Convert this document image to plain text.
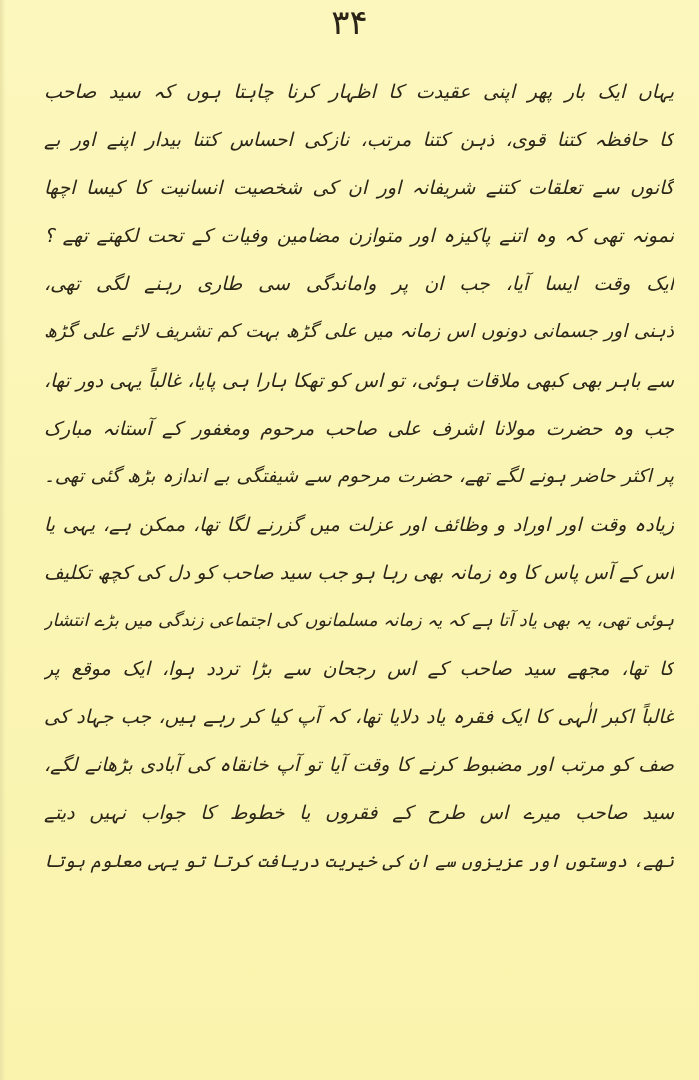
۳۴
یہاں ایک بار پھر اپنی عقیدت کا اظہار کرنا چاہتا ہوں کہ سید صاحب
کا حافظہ کتنا قوی، ذہن کتنا مرتب، نازکی احساس کتنا بیدار اپنے اور بے
گانوں سے تعلقات کتنے شریفانہ اور ان کی شخصیت انسانیت کا کیسا اچھا
نمونہ تھی کہ وہ اتنے پاکیزہ اور متوازن مضامین وفیات کے تحت لکھتے تھے ؟
ایک وقت ایسا آیا، جب ان پر واماندگی سی طاری رہنے لگی تھی،
ذہنی اور جسمانی دونوں اس زمانہ میں علی گڑھ بہت کم تشریف لائے علی گڑھ
سے باہر بھی کبھی ملاقات ہوئی، تو اس کو تھکا ہارا ہی پایا، غالباً یہی دور تھا،
جب وہ حضرت مولانا اشرف علی صاحب مرحوم ومغفور کے آستانہ مبارک
پر اکثر حاضر ہونے لگے تھے، حضرت مرحوم سے شیفتگی بے اندازہ بڑھ گئی تھی۔
زیادہ وقت اور اوراد و وظائف اور عزلت میں گزرنے لگا تھا، ممکن ہے، یہی یا
اس کے آس پاس کا وہ زمانہ بھی رہا ہو جب سید صاحب کو دل کی کچھ تکلیف
ہوئی تھی، یہ بھی یاد آتا ہے کہ یہ زمانہ مسلمانوں کی اجتماعی زندگی میں بڑے انتشار
کا تھا، مجھے سید صاحب کے اس رجحان سے بڑا تردد ہوا، ایک موقع پر
غالباً اکبر الٰہی کا ایک فقرہ یاد دلایا تھا، کہ آپ کیا کر رہے ہیں، جب جہاد کی
صف کو مرتب اور مضبوط کرنے کا وقت آیا تو آپ خانقاہ کی آبادی بڑھانے لگے،
سید صاحب میرے اس طرح کے فقروں یا خطوط کا جواب نہیں دیتے
تھے، دوستوں اور عزیزوں سے ان کی خیریت دریافت کرتا تو یہی معلوم ہوتا
